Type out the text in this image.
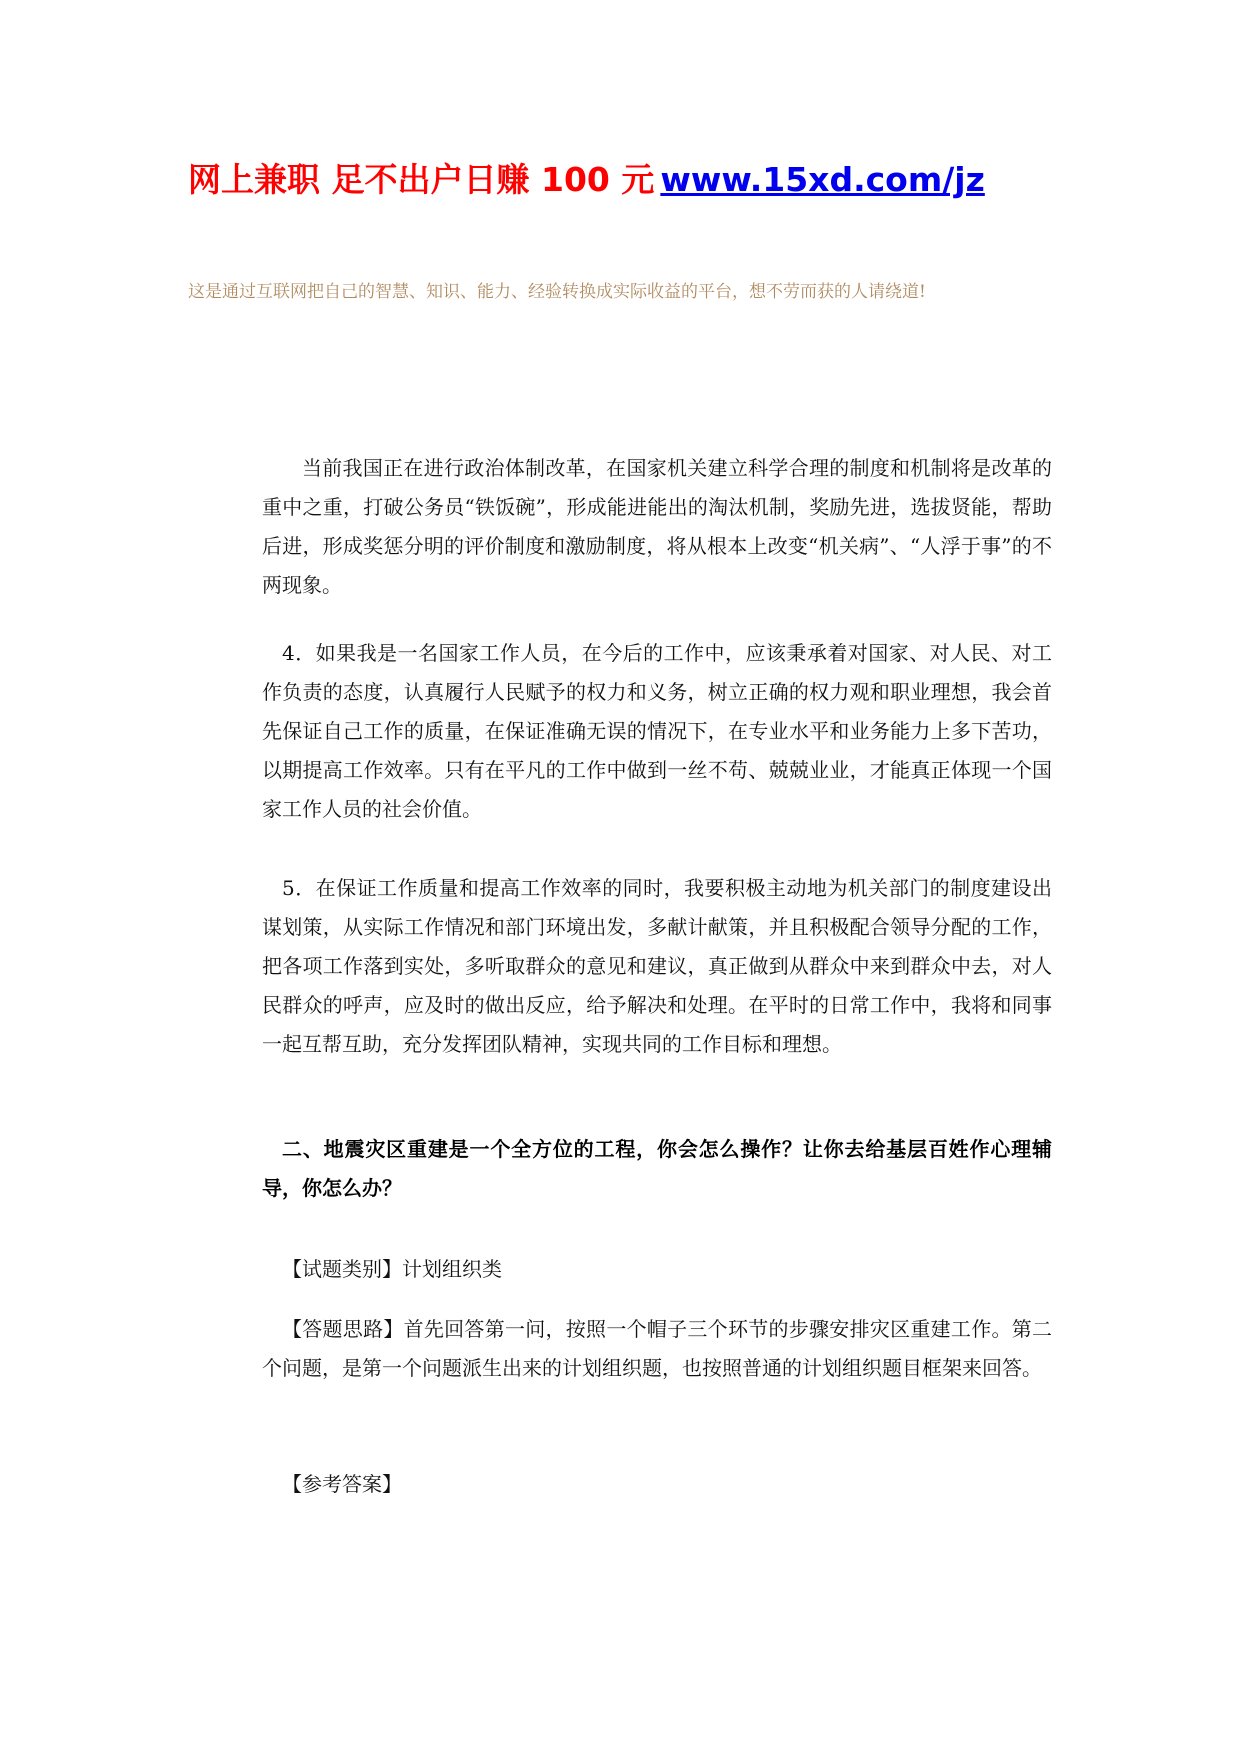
网上兼职 足不出户日赚 100 元 www.15xd.com/jz
这是通过互联网把自己的智慧、知识、能力、经验转换成实际收益的平台，想不劳而获的人请绕道!

当前我国正在进行政治体制改革，在国家机关建立科学合理的制度和机制将是改革的重中之重，打破公务员“铁饭碗”，形成能进能出的淘汰机制，奖励先进，选拔贤能，帮助后进，形成奖惩分明的评价制度和激励制度，将从根本上改变“机关病”、“人浮于事”的不两现象。

4．如果我是一名国家工作人员，在今后的工作中，应该秉承着对国家、对人民、对工作负责的态度，认真履行人民赋予的权力和义务，树立正确的权力观和职业理想，我会首先保证自己工作的质量，在保证准确无误的情况下，在专业水平和业务能力上多下苦功，以期提高工作效率。只有在平凡的工作中做到一丝不苟、兢兢业业，才能真正体现一个国家工作人员的社会价值。

5．在保证工作质量和提高工作效率的同时，我要积极主动地为机关部门的制度建设出谋划策，从实际工作情况和部门环境出发，多献计献策，并且积极配合领导分配的工作，把各项工作落到实处，多听取群众的意见和建议，真正做到从群众中来到群众中去，对人民群众的呼声，应及时的做出反应，给予解决和处理。在平时的日常工作中，我将和同事一起互帮互助，充分发挥团队精神，实现共同的工作目标和理想。

二、地震灾区重建是一个全方位的工程，你会怎么操作？让你去给基层百姓作心理辅导，你怎么办？

【试题类别】计划组织类

【答题思路】首先回答第一问，按照一个帽子三个环节的步骤安排灾区重建工作。第二个问题，是第一个问题派生出来的计划组织题，也按照普通的计划组织题目框架来回答。

【参考答案】
